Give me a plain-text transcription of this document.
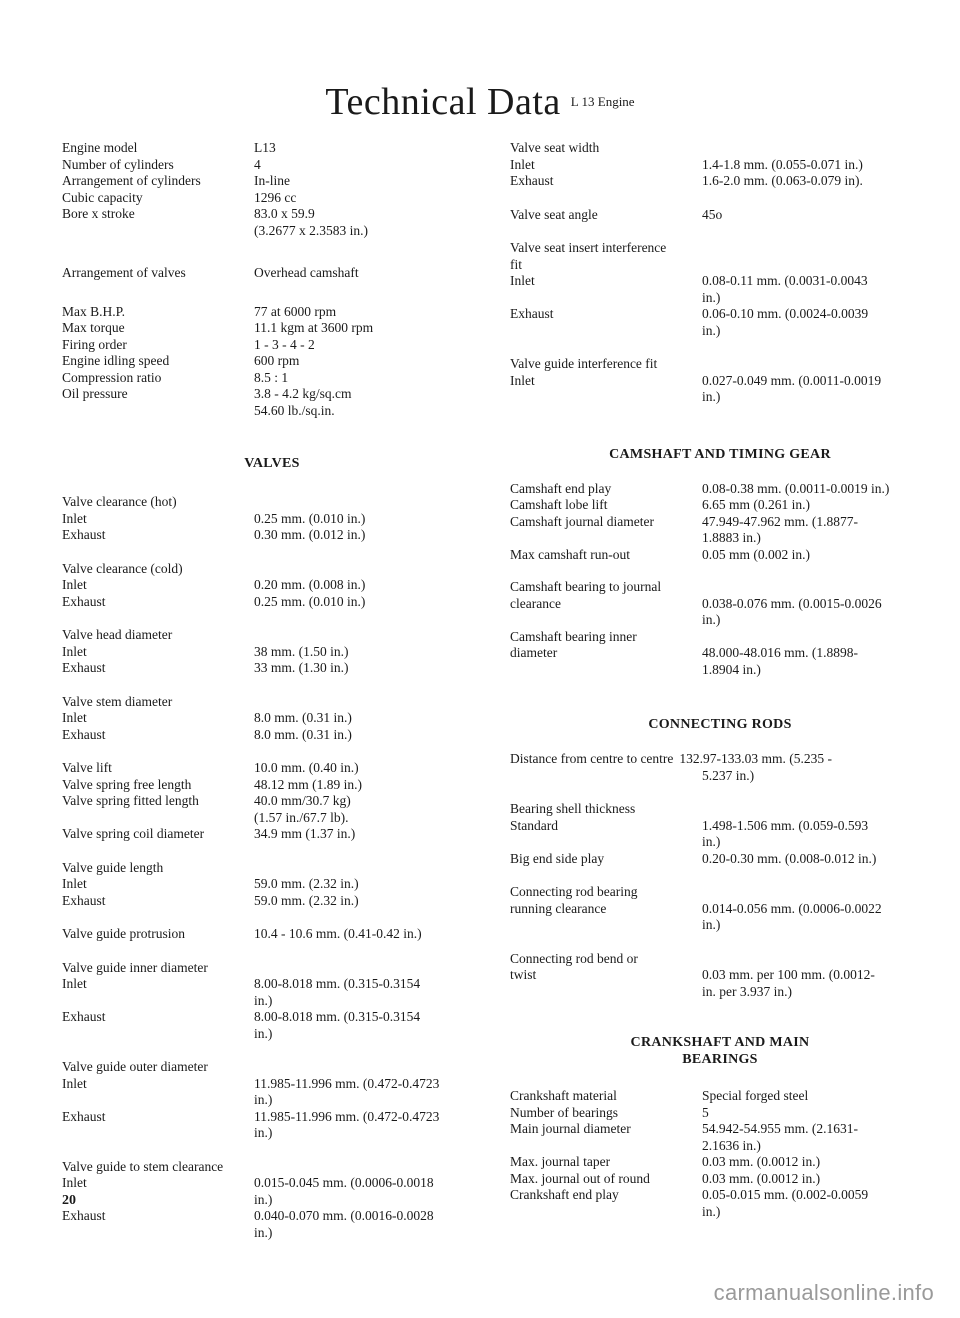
Technical Data $^{L 13 Engine}$
Engine model	L13
Number of cylinders	4
Arrangement of cylinders	In-line
Cubic capacity	1296 cc
Bore x stroke	83.0 x 59.9
(3.2677 x 2.3583 in.)
Arrangement of valves	Overhead camshaft
Max B.H.P.	77 at 6000 rpm
Max torque	11.1 kgm at 3600 rpm
Firing order	1 - 3 - 4 - 2
Engine idling speed	600 rpm
Compression ratio	8.5 : 1
Oil pressure	3.8 - 4.2 kg/sq.cm
54.60 lb./sq.in.
VALVES
Valve clearance (hot)
Inlet	0.25 mm. (0.010 in.)
Exhaust	0.30 mm. (0.012 in.)
Valve clearance (cold)
Inlet	0.20 mm. (0.008 in.)
Exhaust	0.25 mm. (0.010 in.)
Valve head diameter
Inlet	38 mm. (1.50 in.)
Exhaust	33 mm. (1.30 in.)
Valve stem diameter
Inlet	8.0 mm. (0.31 in.)
Exhaust	8.0 mm. (0.31 in.)
Valve lift	10.0 mm. (0.40 in.)
Valve spring free length	48.12 mm (1.89 in.)
Valve spring fitted length	40.0 mm/30.7 kg)
(1.57 in./67.7 lb).
Valve spring coil diameter	34.9 mm (1.37 in.)
Valve guide length
Inlet	59.0 mm. (2.32 in.)
Exhaust	59.0 mm. (2.32 in.)
Valve guide protrusion	10.4 - 10.6 mm. (0.41-0.42 in.)
Valve guide inner diameter
Inlet	8.00-8.018 mm. (0.315-0.3154
in.)
Exhaust	8.00-8.018 mm. (0.315-0.3154
in.)
Valve guide outer diameter
Inlet	11.985-11.996 mm. (0.472-0.4723
in.)
Exhaust	11.985-11.996 mm. (0.472-0.4723
in.)
Valve guide to stem clearance
Inlet	0.015-0.045 mm. (0.0006-0.0018
in.)
Exhaust	0.040-0.070 mm. (0.0016-0.0028
in.)
Valve seat width
Inlet	1.4-1.8 mm. (0.055-0.071 in.)
Exhaust	1.6-2.0 mm. (0.063-0.079 in).
Valve seat angle	45o
Valve seat insert interference
fit
Inlet	0.08-0.11 mm. (0.0031-0.0043
in.)
Exhaust	0.06-0.10 mm. (0.0024-0.0039
in.)
Valve guide interference fit
Inlet	0.027-0.049 mm. (0.0011-0.0019
in.)
CAMSHAFT AND TIMING GEAR
Camshaft end play	0.08-0.38 mm. (0.0011-0.0019 in.)
Camshaft lobe lift	6.65 mm (0.261 in.)
Camshaft journal diameter	47.949-47.962 mm. (1.8877-
1.8883 in.)
Max camshaft run-out	0.05 mm (0.002 in.)
Camshaft bearing to journal
clearance	0.038-0.076 mm. (0.0015-0.0026
in.)
Camshaft bearing inner
diameter	48.000-48.016 mm. (1.8898-
1.8904 in.)
CONNECTING RODS
Distance from centre to centre 132.97-133.03 mm. (5.235 -
5.237 in.)
Bearing shell thickness
Standard	1.498-1.506 mm. (0.059-0.593
in.)
Big end side play	0.20-0.30 mm. (0.008-0.012 in.)
Connecting rod bearing
running clearance	0.014-0.056 mm. (0.0006-0.0022
in.)
Connecting rod bend or
twist	0.03 mm. per 100 mm. (0.0012-
in. per 3.937 in.)
CRANKSHAFT AND MAIN
BEARINGS
Crankshaft material	Special forged steel
Number of bearings	5
Main journal diameter	54.942-54.955 mm. (2.1631-
2.1636 in.)
Max. journal taper	0.03 mm. (0.0012 in.)
Max. journal out of round	0.03 mm. (0.0012 in.)
Crankshaft end play	0.05-0.015 mm. (0.002-0.0059
in.)
20
carmanualsonline.info
